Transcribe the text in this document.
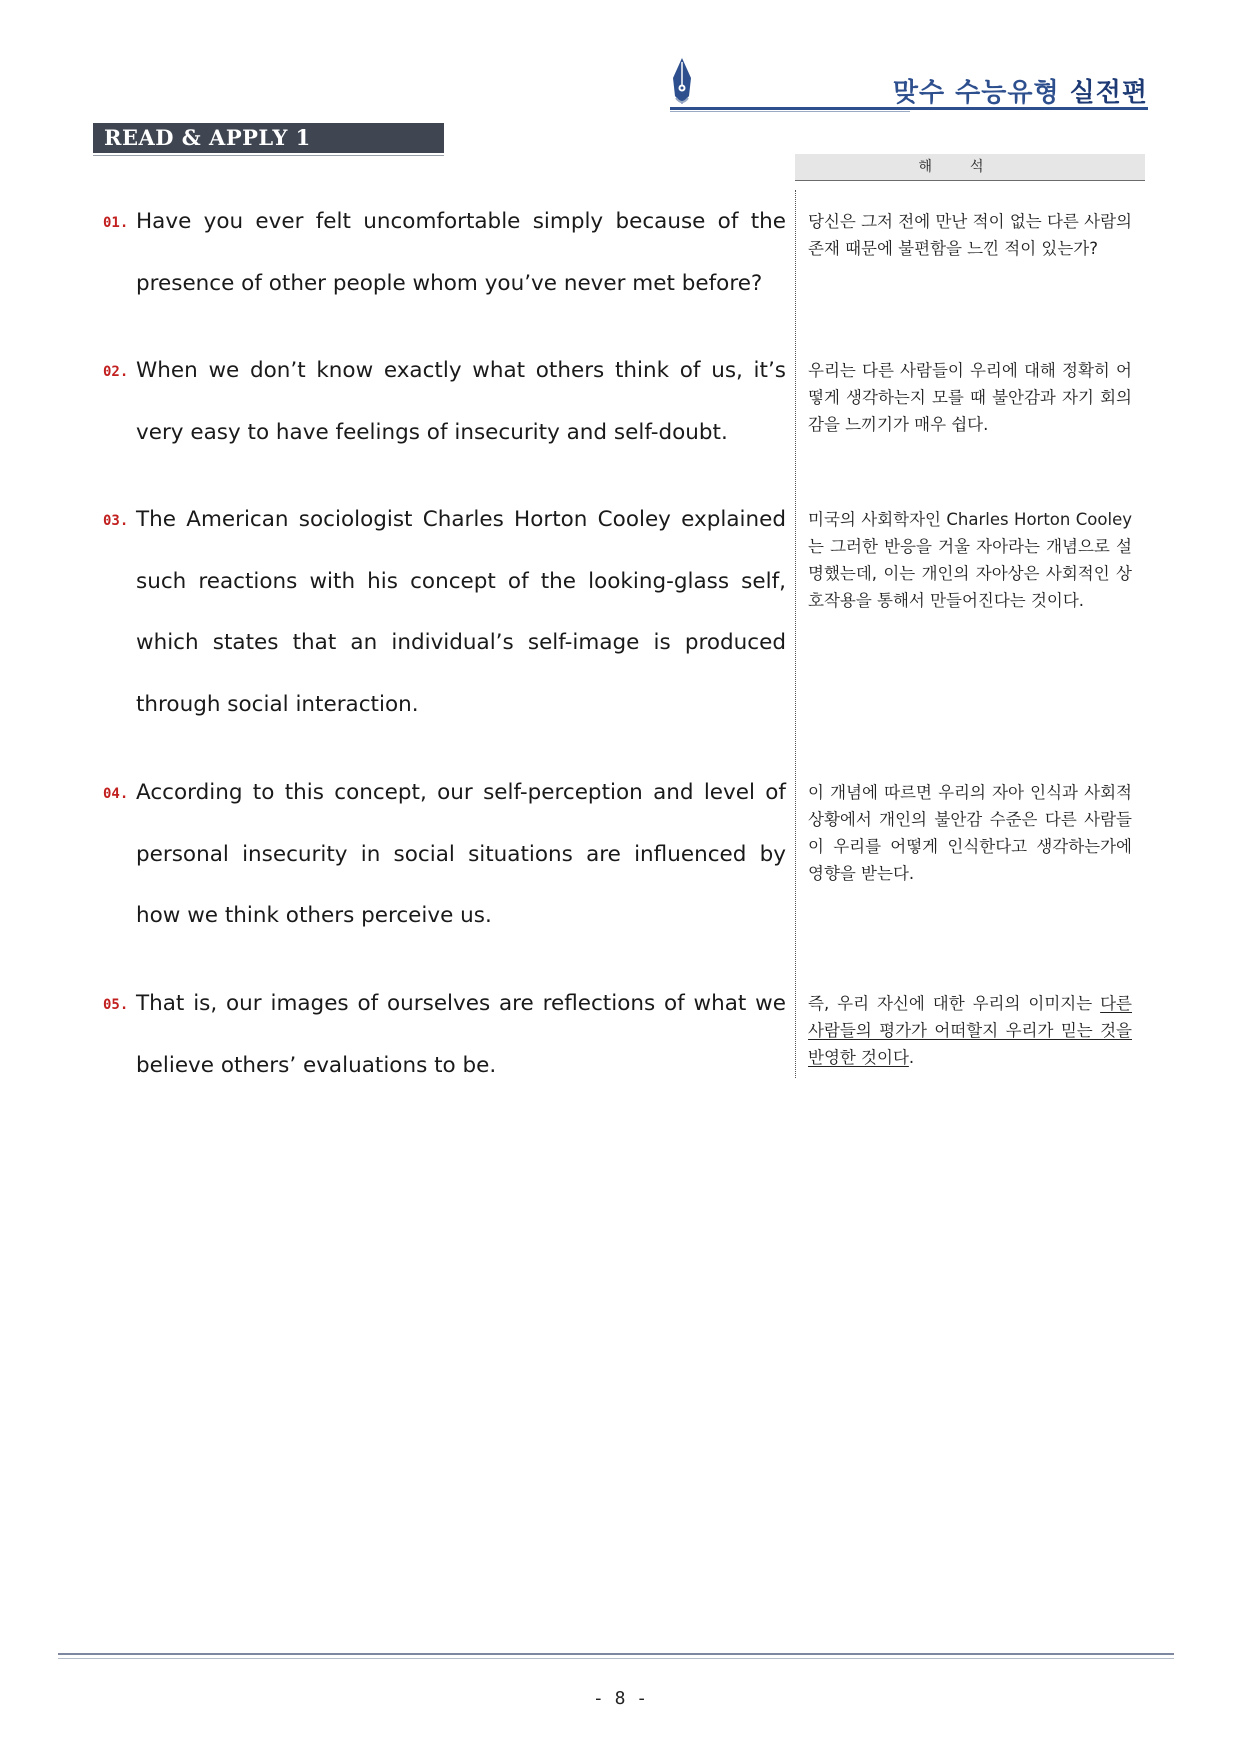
맞수 수능유형 실전편
READ & APPLY 1
해석
01. Have you ever felt uncomfortable simply because of the presence of other people whom you’ve never met before?
당신은 그저 전에 만난 적이 없는 다른 사람의 존재 때문에 불편함을 느낀 적이 있는가?
02. When we don’t know exactly what others think of us, it’s very easy to have feelings of insecurity and self-doubt.
우리는 다른 사람들이 우리에 대해 정확히 어떻게 생각하는지 모를 때 불안감과 자기 회의감을 느끼기가 매우 쉽다.
03. The American sociologist Charles Horton Cooley explained such reactions with his concept of the looking-glass self, which states that an individual’s self-image is produced through social interaction.
미국의 사회학자인 Charles Horton Cooley는 그러한 반응을 거울 자아라는 개념으로 설명했는데, 이는 개인의 자아상은 사회적인 상호작용을 통해서 만들어진다는 것이다.
04. According to this concept, our self-perception and level of personal insecurity in social situations are influenced by how we think others perceive us.
이 개념에 따르면 우리의 자아 인식과 사회적 상황에서 개인의 불안감 수준은 다른 사람들이 우리를 어떻게 인식한다고 생각하는가에 영향을 받는다.
05. That is, our images of ourselves are reflections of what we believe others’ evaluations to be.
즉, 우리 자신에 대한 우리의 이미지는 다른 사람들의 평가가 어떠할지 우리가 믿는 것을 반영한 것이다.
- 8 -
